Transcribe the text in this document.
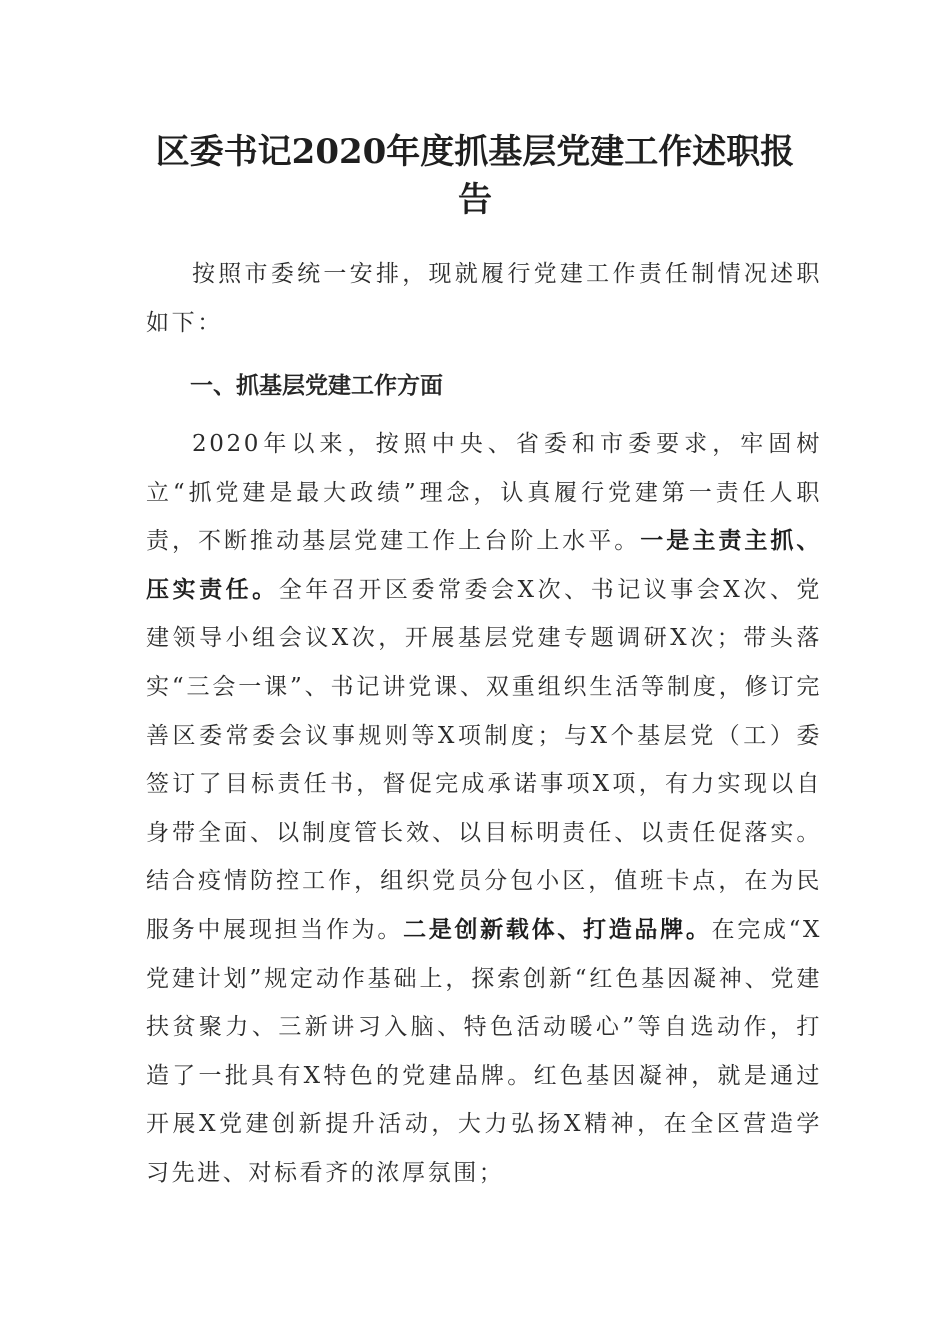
区委书记2020年度抓基层党建工作述职报告

按照市委统一安排，现就履行党建工作责任制情况述职如下：

一、抓基层党建工作方面

2020年以来，按照中央、省委和市委要求，牢固树立“抓党建是最大政绩”理念，认真履行党建第一责任人职责，不断推动基层党建工作上台阶上水平。一是主责主抓、压实责任。全年召开区委常委会X次、书记议事会X次、党建领导小组会议X次，开展基层党建专题调研X次；带头落实“三会一课”、书记讲党课、双重组织生活等制度，修订完善区委常委会议事规则等X项制度；与X个基层党（工）委签订了目标责任书，督促完成承诺事项X项，有力实现以自身带全面、以制度管长效、以目标明责任、以责任促落实。结合疫情防控工作，组织党员分包小区，值班卡点，在为民服务中展现担当作为。二是创新载体、打造品牌。在完成“X党建计划”规定动作基础上，探索创新“红色基因凝神、党建扶贫聚力、三新讲习入脑、特色活动暖心”等自选动作，打造了一批具有X特色的党建品牌。红色基因凝神，就是通过开展X党建创新提升活动，大力弘扬X精神，在全区营造学习先进、对标看齐的浓厚氛围；
